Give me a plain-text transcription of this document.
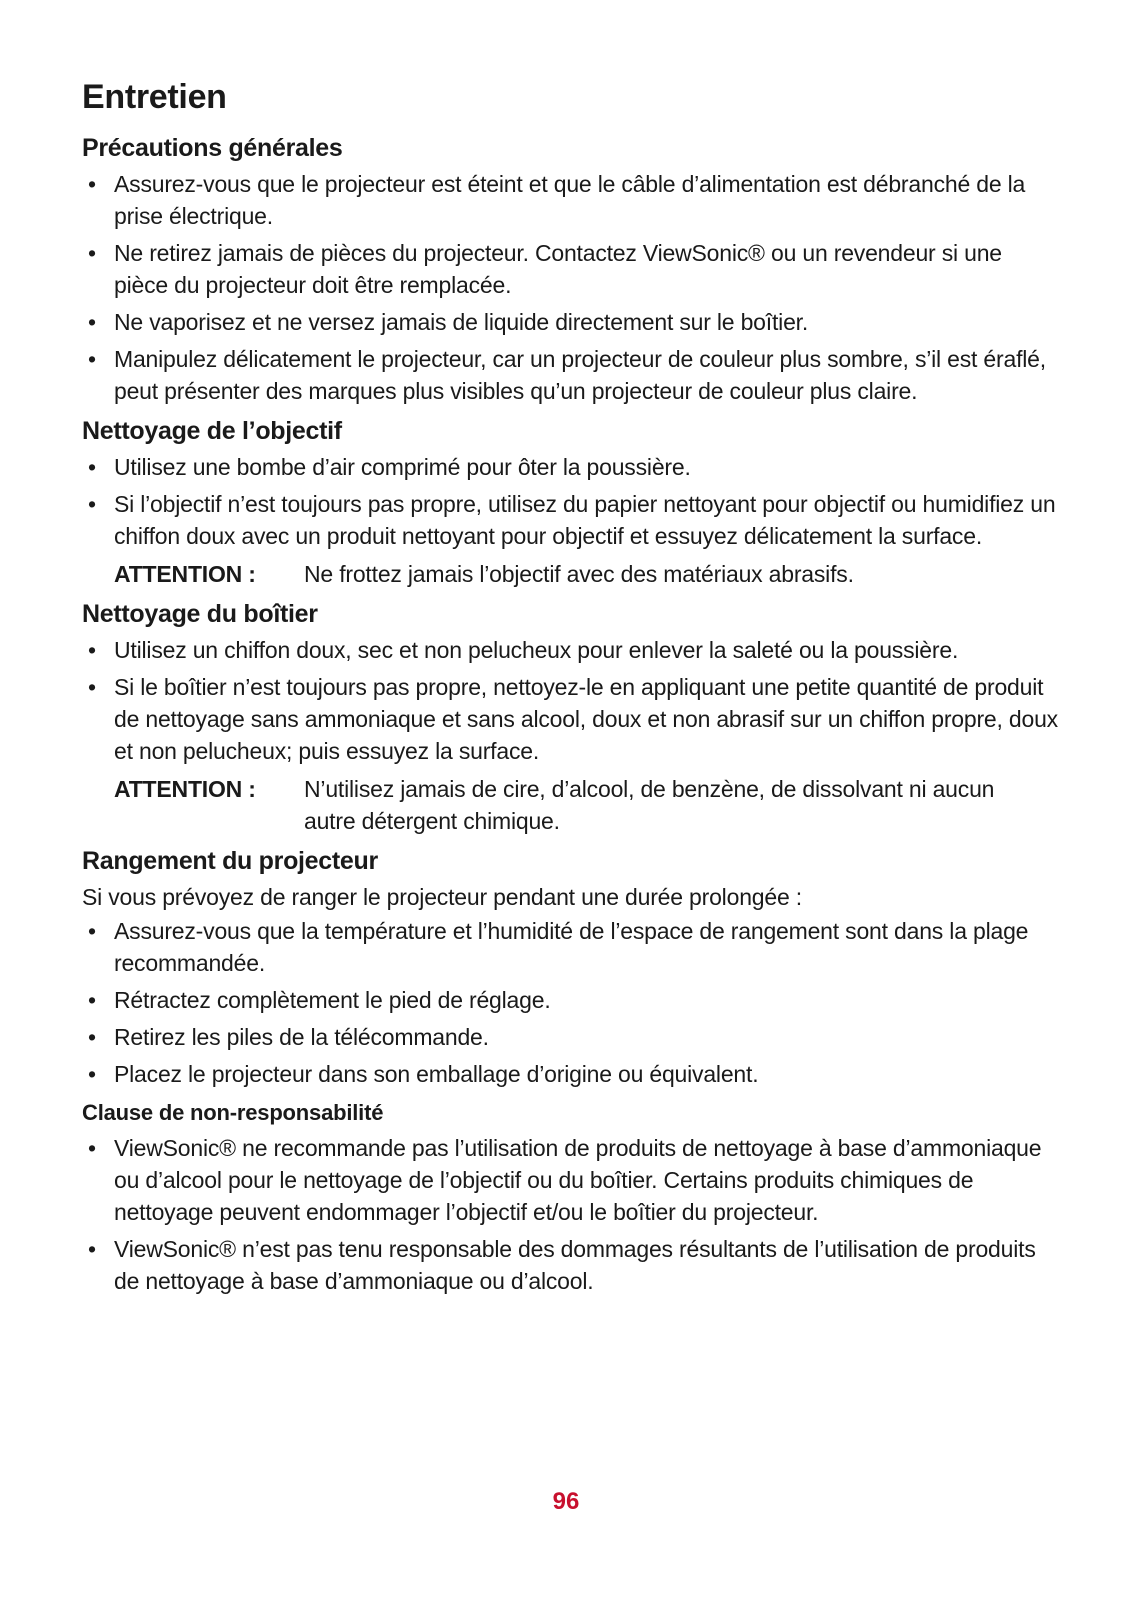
Entretien
Précautions générales
• Assurez-vous que le projecteur est éteint et que le câble d’alimentation est débranché de la prise électrique.
• Ne retirez jamais de pièces du projecteur. Contactez ViewSonic® ou un revendeur si une pièce du projecteur doit être remplacée.
• Ne vaporisez et ne versez jamais de liquide directement sur le boîtier.
• Manipulez délicatement le projecteur, car un projecteur de couleur plus sombre, s’il est éraflé, peut présenter des marques plus visibles qu’un projecteur de couleur plus claire.
Nettoyage de l’objectif
• Utilisez une bombe d’air comprimé pour ôter la poussière.
• Si l’objectif n’est toujours pas propre, utilisez du papier nettoyant pour objectif ou humidifiez un chiffon doux avec un produit nettoyant pour objectif et essuyez délicatement la surface.
ATTENTION :	Ne frottez jamais l’objectif avec des matériaux abrasifs.
Nettoyage du boîtier
• Utilisez un chiffon doux, sec et non pelucheux pour enlever la saleté ou la poussière.
• Si le boîtier n’est toujours pas propre, nettoyez-le en appliquant une petite quantité de produit de nettoyage sans ammoniaque et sans alcool, doux et non abrasif sur un chiffon propre, doux et non pelucheux; puis essuyez la surface.
ATTENTION :	N’utilisez jamais de cire, d’alcool, de benzène, de dissolvant ni aucun autre détergent chimique.
Rangement du projecteur

Si vous prévoyez de ranger le projecteur pendant une durée prolongée :

• Assurez-vous que la température et l’humidité de l’espace de rangement sont dans la plage recommandée.
• Rétractez complètement le pied de réglage.
• Retirez les piles de la télécommande.
• Placez le projecteur dans son emballage d’origine ou équivalent.
Clause de non-responsabilité
• ViewSonic® ne recommande pas l’utilisation de produits de nettoyage à base d’ammoniaque ou d’alcool pour le nettoyage de l’objectif ou du boîtier. Certains produits chimiques de nettoyage peuvent endommager l’objectif et/ou le boîtier du projecteur.
• ViewSonic® n’est pas tenu responsable des dommages résultants de l’utilisation de produits de nettoyage à base d’ammoniaque ou d’alcool.
96
